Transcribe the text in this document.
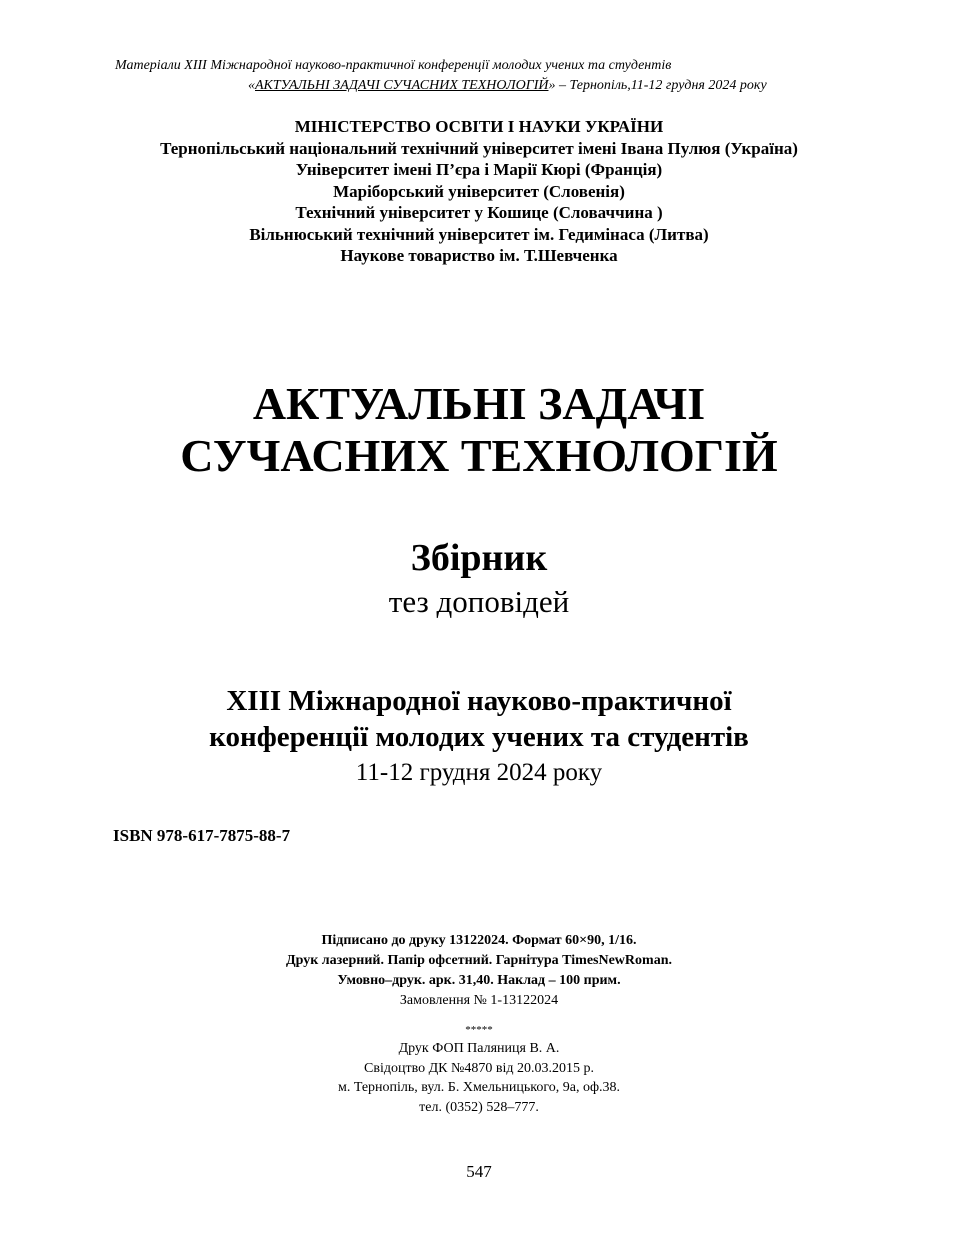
Матеріали XIII Міжнародної науково-практичної конференції молодих учених та студентів
«АКТУАЛЬНІ ЗАДАЧІ СУЧАСНИХ ТЕХНОЛОГІЙ» – Тернопіль,11-12 грудня 2024 року
МІНІСТЕРСТВО ОСВІТИ І НАУКИ УКРАЇНИ
Тернопільський національний технічний університет імені Івана Пулюя (Україна)
Університет імені П’єра і Марії Кюрі (Франція)
Маріборський університет (Словенія)
Технічний університет у Кошице (Словаччина )
Вільнюський технічний університет ім. Гедимінаса (Литва)
Наукове товариство ім. Т.Шевченка
АКТУАЛЬНІ ЗАДАЧІ
СУЧАСНИХ ТЕХНОЛОГІЙ
Збірник
тез доповідей
XIII Міжнародної науково-практичної
конференції молодих учених та студентів
11-12 грудня 2024 року
ISBN 978-617-7875-88-7
Підписано до друку 13122024. Формат 60×90, 1/16.
Друк лазерний. Папір офсетний. Гарнітура TimesNewRoman.
Умовно–друк. арк. 31,40. Наклад – 100 прим.
Замовлення № 1-13122024
*****
Друк ФОП Паляниця В. А.
Свідоцтво ДК №4870 від 20.03.2015 р.
м. Тернопіль, вул. Б. Хмельницького, 9а, оф.38.
тел. (0352) 528–777.
547
